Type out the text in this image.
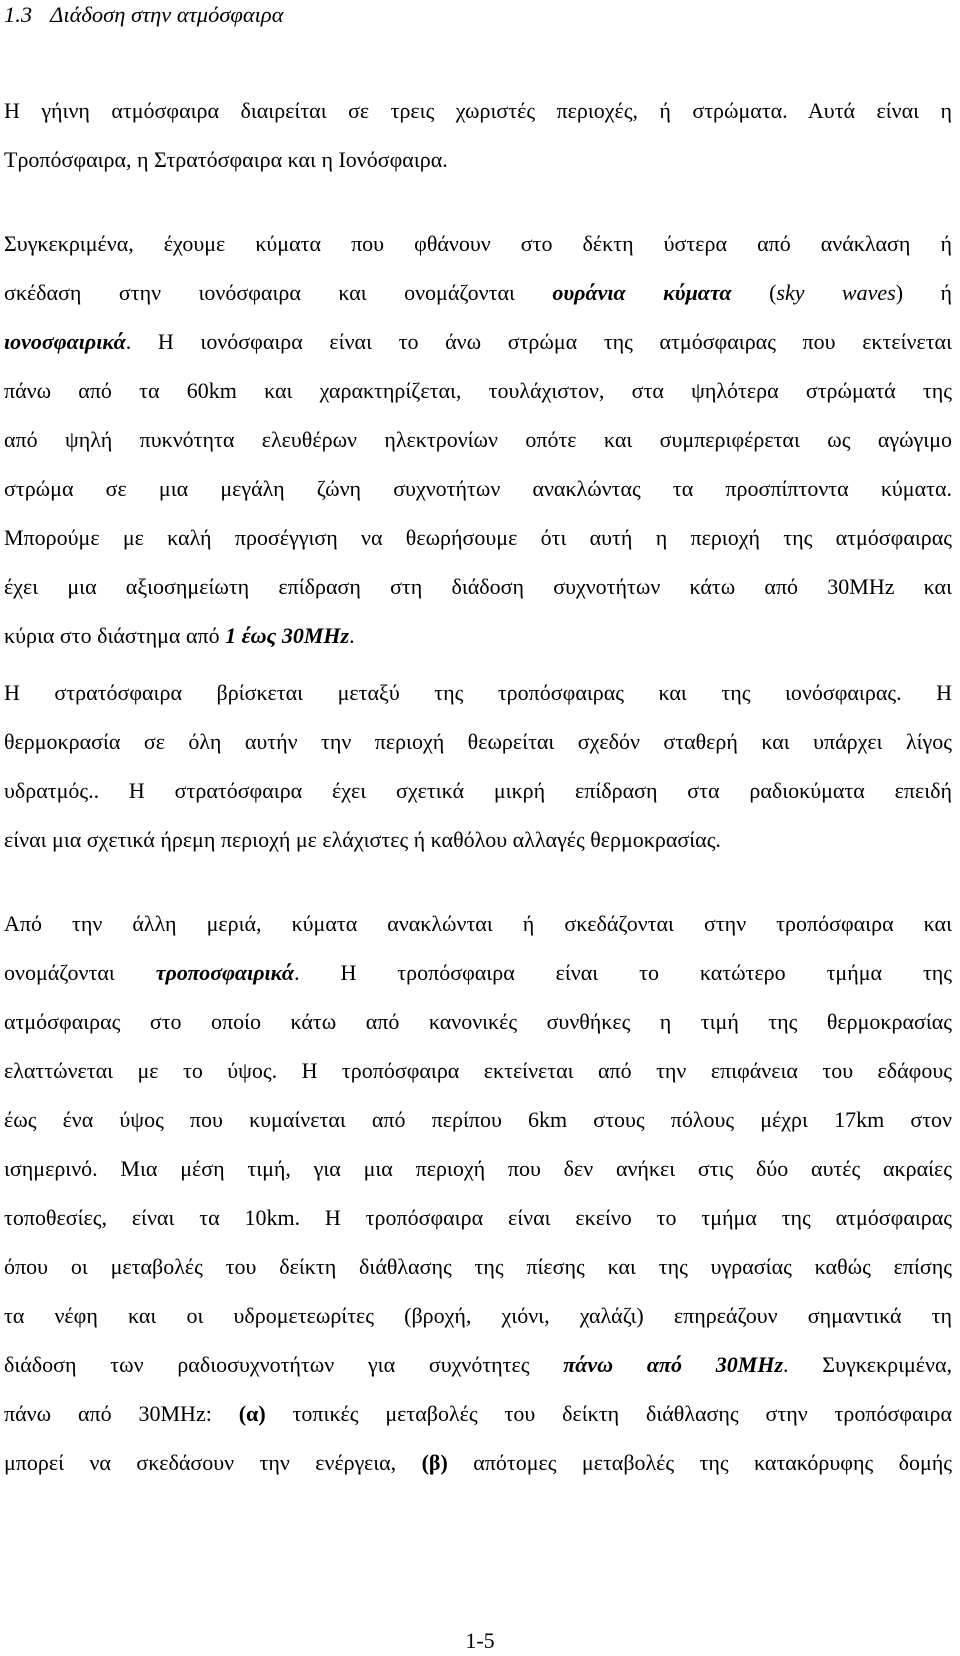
1.3 Διάδοση στην ατμόσφαιρα
Η γήινη ατμόσφαιρα διαιρείται σε τρεις χωριστές περιοχές, ή στρώματα. Αυτά είναι η
Τροπόσφαιρα, η Στρατόσφαιρα και η Ιονόσφαιρα.
Συγκεκριμένα, έχουμε κύματα που φθάνουν στο δέκτη ύστερα από ανάκλαση ή
σκέδαση στην ιονόσφαιρα και ονομάζονται ουράνια κύματα (sky waves) ή
ιονοσφαιρικά. Η ιονόσφαιρα είναι το άνω στρώμα της ατμόσφαιρας που εκτείνεται
πάνω από τα 60km και χαρακτηρίζεται, τουλάχιστον, στα ψηλότερα στρώματά της
από ψηλή πυκνότητα ελευθέρων ηλεκτρονίων οπότε και συμπεριφέρεται ως αγώγιμο
στρώμα σε μια μεγάλη ζώνη συχνοτήτων ανακλώντας τα προσπίπτοντα κύματα.
Μπορούμε με καλή προσέγγιση να θεωρήσουμε ότι αυτή η περιοχή της ατμόσφαιρας
έχει μια αξιοσημείωτη επίδραση στη διάδοση συχνοτήτων κάτω από 30MHz και
κύρια στο διάστημα από 1 έως 30MHz.
Η στρατόσφαιρα βρίσκεται μεταξύ της τροπόσφαιρας και της ιονόσφαιρας. Η
θερμοκρασία σε όλη αυτήν την περιοχή θεωρείται σχεδόν σταθερή και υπάρχει λίγος
υδρατμός.. Η στρατόσφαιρα έχει σχετικά μικρή επίδραση στα ραδιοκύματα επειδή
είναι μια σχετικά ήρεμη περιοχή με ελάχιστες ή καθόλου αλλαγές θερμοκρασίας.
Από την άλλη μεριά, κύματα ανακλώνται ή σκεδάζονται στην τροπόσφαιρα και
ονομάζονται τροποσφαιρικά. Η τροπόσφαιρα είναι το κατώτερο τμήμα της
ατμόσφαιρας στο οποίο κάτω από κανονικές συνθήκες η τιμή της θερμοκρασίας
ελαττώνεται με το ύψος. Η τροπόσφαιρα εκτείνεται από την επιφάνεια του εδάφους
έως ένα ύψος που κυμαίνεται από περίπου 6km στους πόλους μέχρι 17km στον
ισημερινό. Μια μέση τιμή, για μια περιοχή που δεν ανήκει στις δύο αυτές ακραίες
τοποθεσίες, είναι τα 10km. Η τροπόσφαιρα είναι εκείνο το τμήμα της ατμόσφαιρας
όπου οι μεταβολές του δείκτη διάθλασης της πίεσης και της υγρασίας καθώς επίσης
τα νέφη και οι υδρομετεωρίτες (βροχή, χιόνι, χαλάζι) επηρεάζουν σημαντικά τη
διάδοση των ραδιοσυχνοτήτων για συχνότητες πάνω από 30MHz. Συγκεκριμένα,
πάνω από 30MHz: (α) τοπικές μεταβολές του δείκτη διάθλασης στην τροπόσφαιρα
μπορεί να σκεδάσουν την ενέργεια, (β) απότομες μεταβολές της κατακόρυφης δομής
1-5
